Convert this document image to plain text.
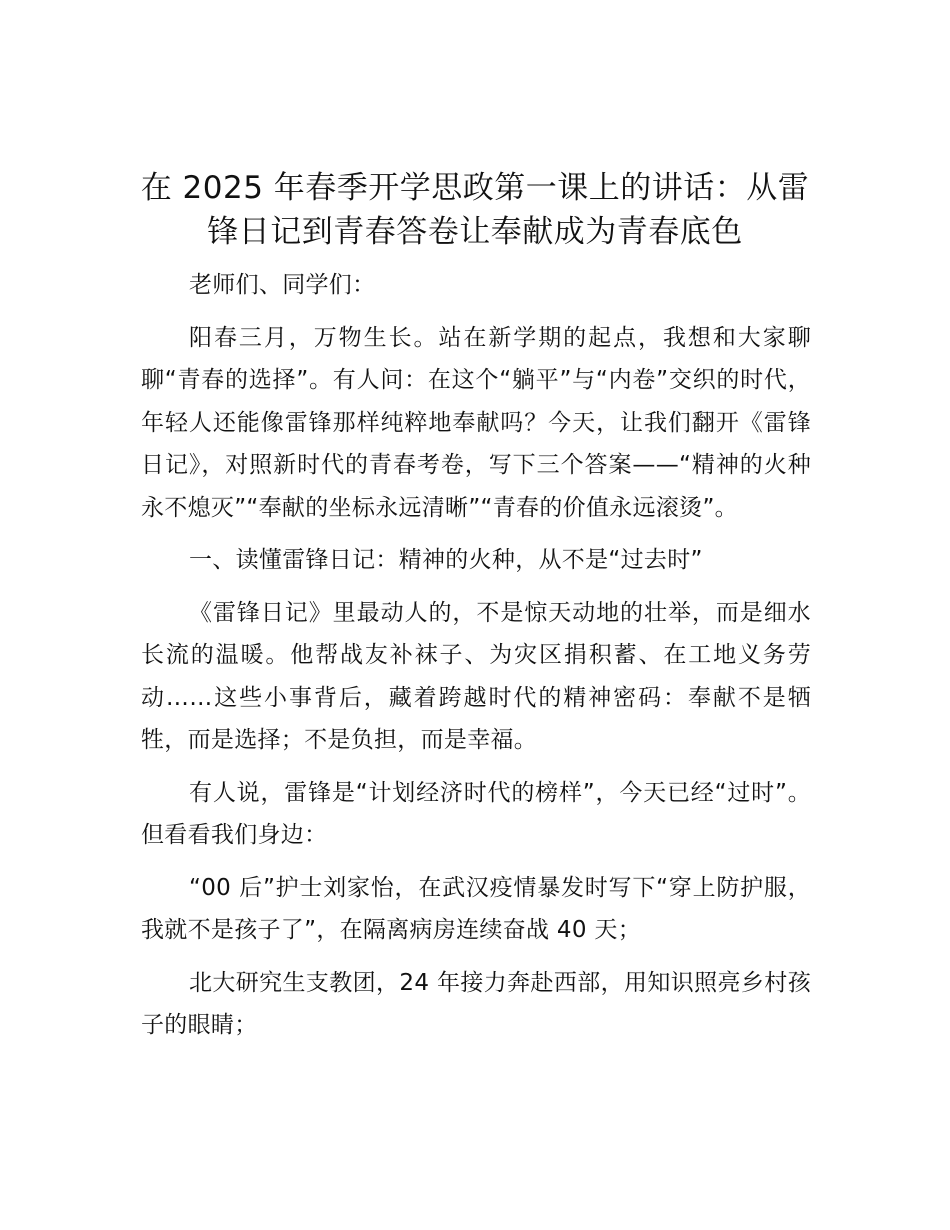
在 2025 年春季开学思政第一课上的讲话：从雷锋日记到青春答卷让奉献成为青春底色

老师们、同学们：

阳春三月，万物生长。站在新学期的起点，我想和大家聊聊“青春的选择”。有人问：在这个“躺平”与“内卷”交织的时代，年轻人还能像雷锋那样纯粹地奉献吗？今天，让我们翻开《雷锋日记》，对照新时代的青春考卷，写下三个答案——“精神的火种永不熄灭”“奉献的坐标永远清晰”“青春的价值永远滚烫”。

一、读懂雷锋日记：精神的火种，从不是“过去时”

《雷锋日记》里最动人的，不是惊天动地的壮举，而是细水长流的温暖。他帮战友补袜子、为灾区捐积蓄、在工地义务劳动……这些小事背后，藏着跨越时代的精神密码：奉献不是牺牲，而是选择；不是负担，而是幸福。

有人说，雷锋是“计划经济时代的榜样”，今天已经“过时”。但看看我们身边：

“00 后”护士刘家怡，在武汉疫情暴发时写下“穿上防护服，我就不是孩子了”，在隔离病房连续奋战 40 天；

北大研究生支教团，24 年接力奔赴西部，用知识照亮乡村孩子的眼睛；
